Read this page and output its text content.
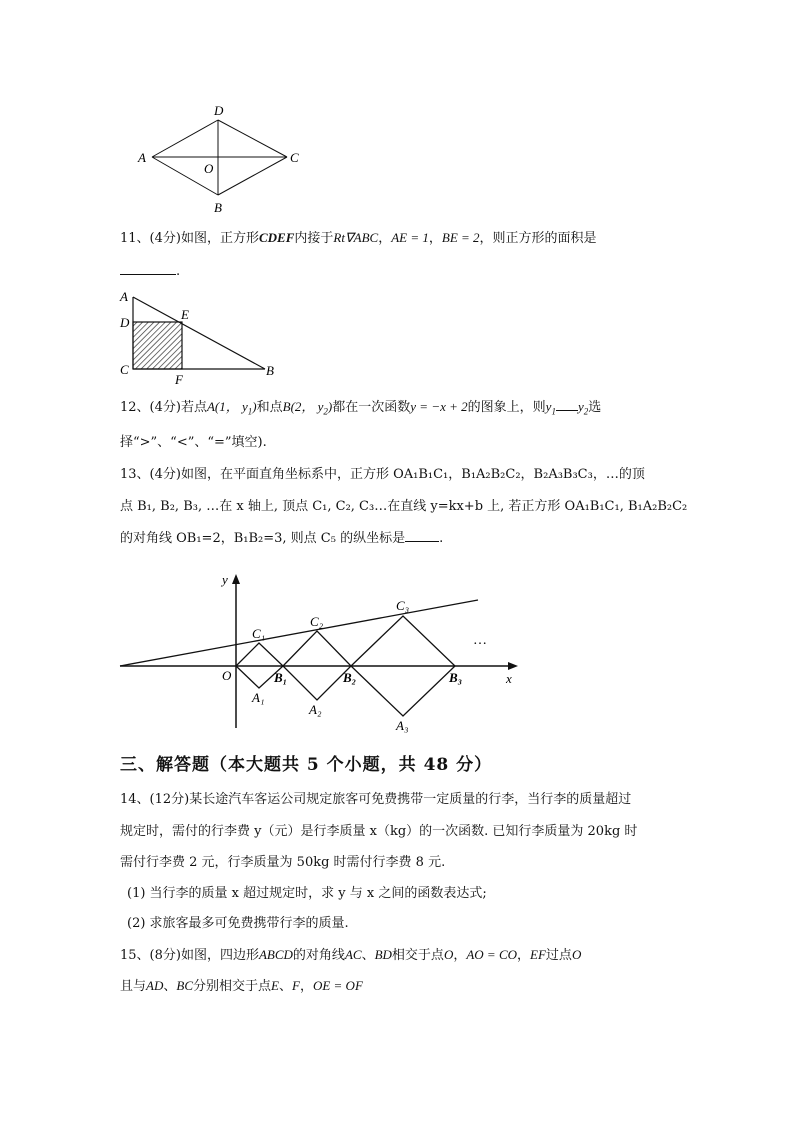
D
A	C
O
B
11、(4分)如图，正方形CDEF内接于Rt∇ABC，AE = 1，BE = 2，则正方形的面积是
.
A
D
E
C
F
B
12、(4分)若点A(1， $y_1$)和点B(2， $y_2$)都在一次函数y = −x + 2的图象上，则$y_1$ $y_2$选
择“>”、“<”、“=”填空).
13、(4分)如图，在平面直角坐标系中，正方形 OA₁B₁C₁，B₁A₂B₂C₂，B₂A₃B₃C₃，…的顶
点 B₁, B₂, B₃, …在 x 轴上, 顶点 C₁, C₂, C₃…在直线 y=kx+b 上, 若正方形 OA₁B₁C₁, B₁A₂B₂C₂
的对角线 OB₁=2，B₁B₂=3, 则点 C₅ 的纵坐标是	.
y
x
O	B₁	B₂	B₃
C₁
C₂
C₃
A₁
A₂
A₃
…
三、解答题（本大题共 5 个小题，共 48 分）
14、(12分)某长途汽车客运公司规定旅客可免费携带一定质量的行李，当行李的质量超过
规定时，需付的行李费 y（元）是行李质量 x（kg）的一次函数. 已知行李质量为 20kg 时
需付行李费 2 元，行李质量为 50kg 时需付行李费 8 元.
(1) 当行李的质量 x 超过规定时，求 y 与 x 之间的函数表达式;
(2) 求旅客最多可免费携带行李的质量.
15、(8分)如图，四边形ABCD的对角线AC、BD相交于点O，AO = CO，EF过点O
且与AD、BC分别相交于点E、F，OE = OF
